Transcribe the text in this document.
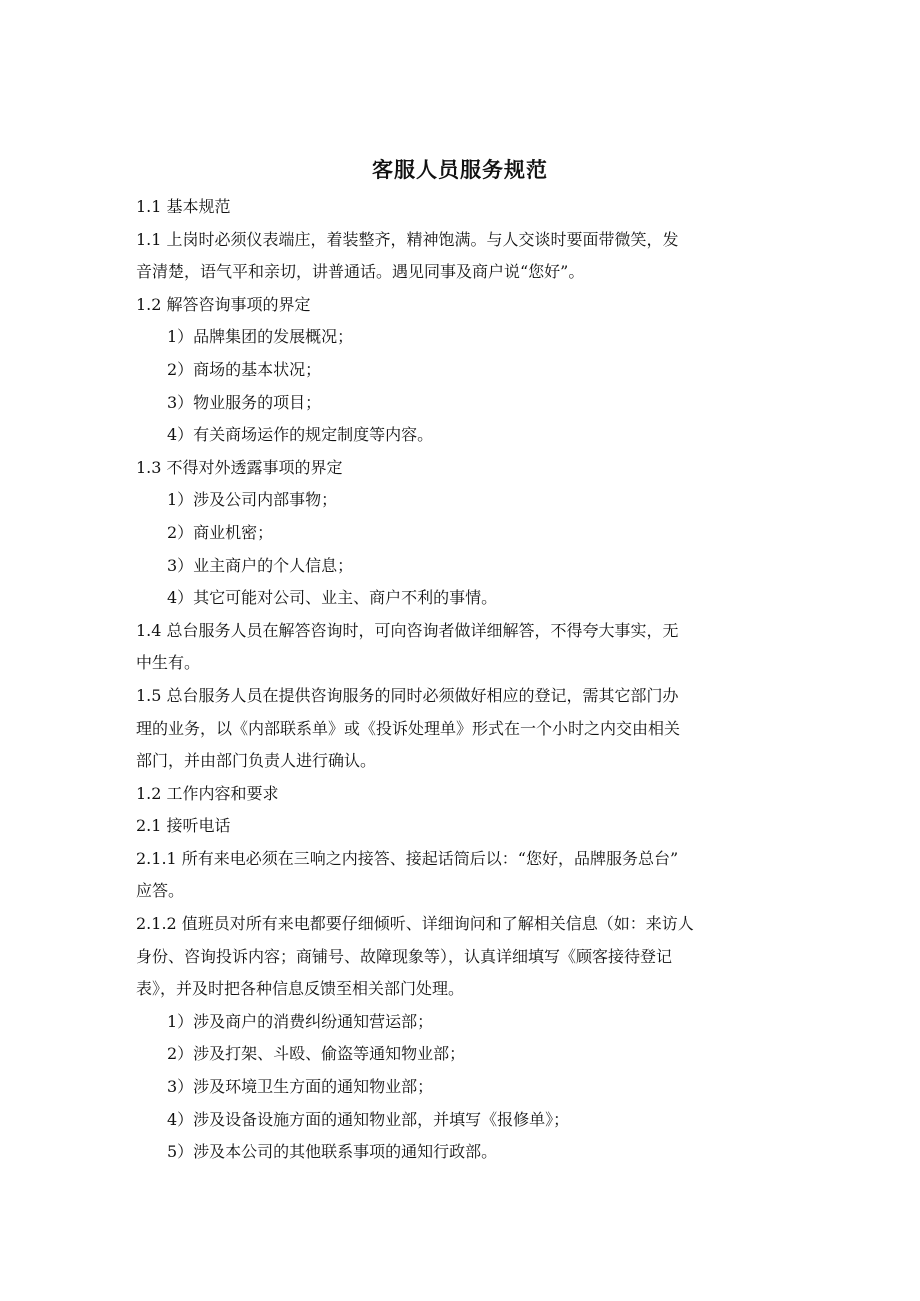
客服人员服务规范
1.1 基本规范
1.1 上岗时必须仪表端庄，着装整齐，精神饱满。与人交谈时要面带微笑，发
音清楚，语气平和亲切，讲普通话。遇见同事及商户说“您好”。
1.2 解答咨询事项的界定
1）品牌集团的发展概况；
2）商场的基本状况；
3）物业服务的项目；
4）有关商场运作的规定制度等内容。
1.3 不得对外透露事项的界定
1）涉及公司内部事物；
2）商业机密；
3）业主商户的个人信息；
4）其它可能对公司、业主、商户不利的事情。
1.4 总台服务人员在解答咨询时，可向咨询者做详细解答，不得夸大事实，无
中生有。
1.5 总台服务人员在提供咨询服务的同时必须做好相应的登记，需其它部门办
理的业务，以《内部联系单》或《投诉处理单》形式在一个小时之内交由相关
部门，并由部门负责人进行确认。
1.2 工作内容和要求
2.1 接听电话
2.1.1 所有来电必须在三响之内接答、接起话筒后以：“您好，品牌服务总台”
应答。
2.1.2 值班员对所有来电都要仔细倾听、详细询问和了解相关信息（如：来访人
身份、咨询投诉内容；商铺号、故障现象等），认真详细填写《顾客接待登记
表》，并及时把各种信息反馈至相关部门处理。
1）涉及商户的消费纠纷通知营运部；
2）涉及打架、斗殴、偷盗等通知物业部；
3）涉及环境卫生方面的通知物业部；
4）涉及设备设施方面的通知物业部，并填写《报修单》；
5）涉及本公司的其他联系事项的通知行政部。
